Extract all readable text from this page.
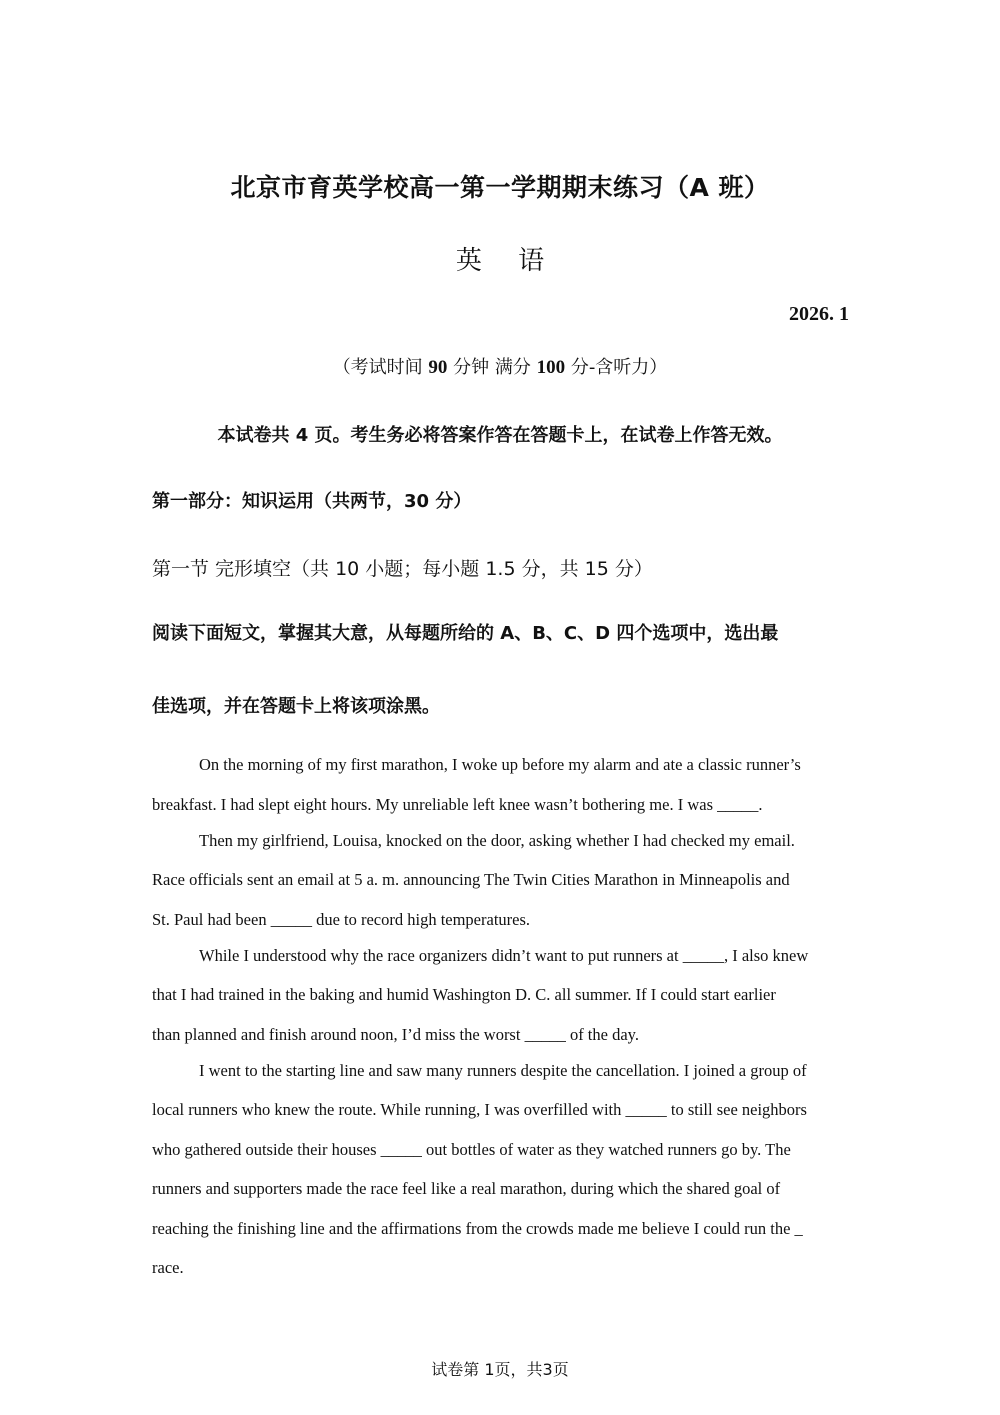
北京市育英学校高一第一学期期末练习（A 班）
英 语
2026. 1
（考试时间 90 分钟 满分 100 分-含听力）
本试卷共 4 页。考生务必将答案作答在答题卡上，在试卷上作答无效。
第一部分：知识运用（共两节，30 分）
第一节 完形填空（共 10 小题；每小题 1.5 分，共 15 分）
阅读下面短文，掌握其大意，从每题所给的 A、B、C、D 四个选项中，选出最
佳选项，并在答题卡上将该项涂黑。
On the morning of my first marathon, I woke up before my alarm and ate a classic runner’s
breakfast. I had slept eight hours. My unreliable left knee wasn’t bothering me. I was _____.
Then my girlfriend, Louisa, knocked on the door, asking whether I had checked my email.
Race officials sent an email at 5 a. m. announcing The Twin Cities Marathon in Minneapolis and
St. Paul had been _____ due to record high temperatures.
While I understood why the race organizers didn’t want to put runners at _____, I also knew
that I had trained in the baking and humid Washington D. C. all summer. If I could start earlier
than planned and finish around noon, I’d miss the worst _____ of the day.
I went to the starting line and saw many runners despite the cancellation. I joined a group of
local runners who knew the route. While running, I was overfilled with _____ to still see neighbors
who gathered outside their houses _____ out bottles of water as they watched runners go by. The
runners and supporters made the race feel like a real marathon, during which the shared goal of
reaching the finishing line and the affirmations from the crowds made me believe I could run the _
race.
试卷第 1页，共3页
